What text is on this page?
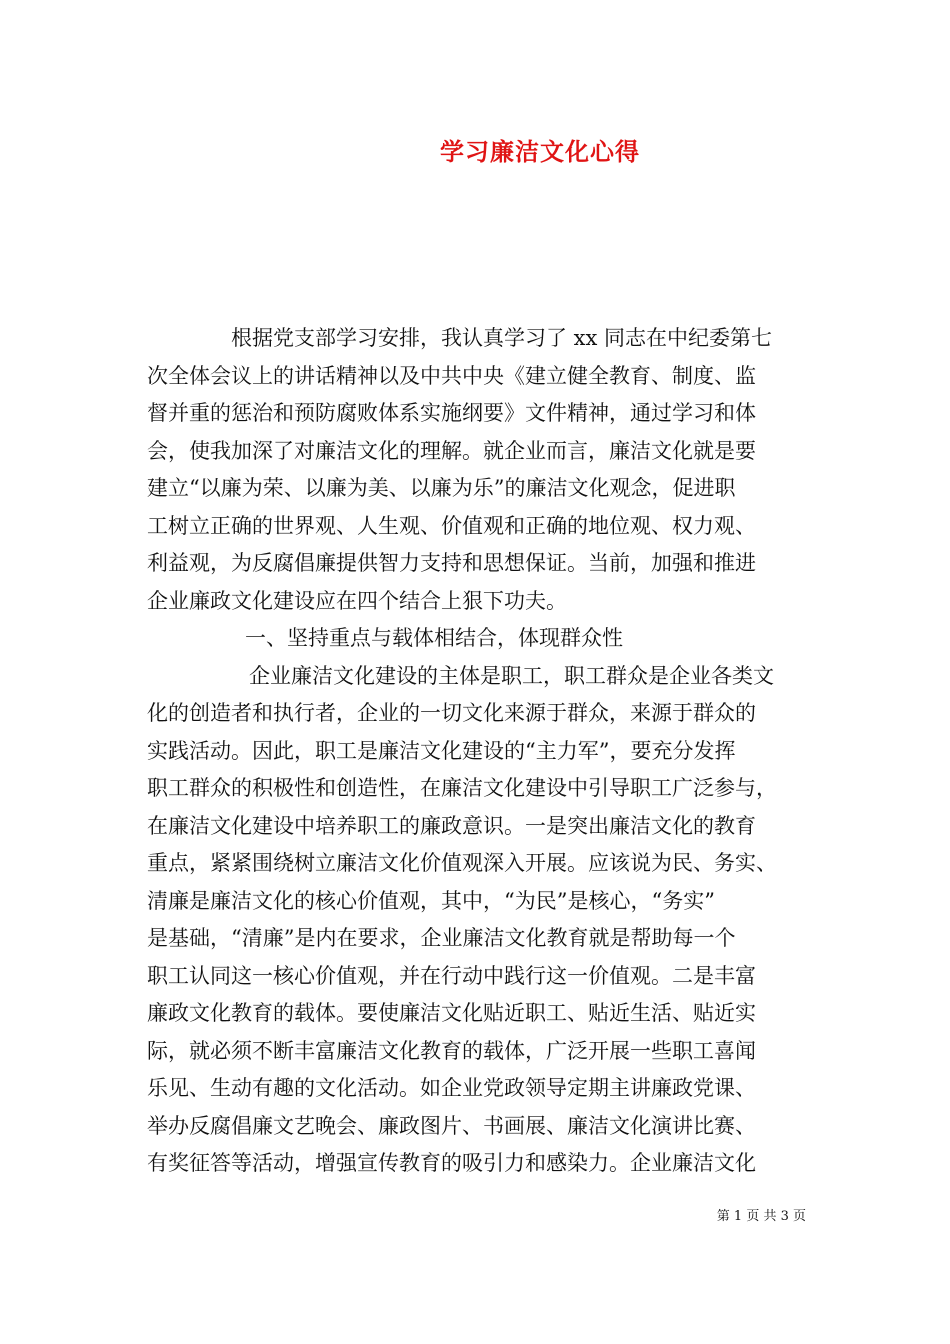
学习廉洁文化心得
根据党支部学习安排，我认真学习了 xx 同志在中纪委第七
次全体会议上的讲话精神以及中共中央《建立健全教育、制度、监
督并重的惩治和预防腐败体系实施纲要》文件精神，通过学习和体
会，使我加深了对廉洁文化的理解。就企业而言，廉洁文化就是要
建立“以廉为荣、以廉为美、以廉为乐”的廉洁文化观念，促进职
工树立正确的世界观、人生观、价值观和正确的地位观、权力观、
利益观，为反腐倡廉提供智力支持和思想保证。当前，加强和推进
企业廉政文化建设应在四个结合上狠下功夫。
一、坚持重点与载体相结合，体现群众性
企业廉洁文化建设的主体是职工，职工群众是企业各类文
化的创造者和执行者，企业的一切文化来源于群众，来源于群众的
实践活动。因此，职工是廉洁文化建设的“主力军”，要充分发挥
职工群众的积极性和创造性，在廉洁文化建设中引导职工广泛参与，
在廉洁文化建设中培养职工的廉政意识。一是突出廉洁文化的教育
重点，紧紧围绕树立廉洁文化价值观深入开展。应该说为民、务实、
清廉是廉洁文化的核心价值观，其中，“为民”是核心，“务实”
是基础，“清廉”是内在要求，企业廉洁文化教育就是帮助每一个
职工认同这一核心价值观，并在行动中践行这一价值观。二是丰富
廉政文化教育的载体。要使廉洁文化贴近职工、贴近生活、贴近实
际，就必须不断丰富廉洁文化教育的载体，广泛开展一些职工喜闻
乐见、生动有趣的文化活动。如企业党政领导定期主讲廉政党课、
举办反腐倡廉文艺晚会、廉政图片、书画展、廉洁文化演讲比赛、
有奖征答等活动，增强宣传教育的吸引力和感染力。企业廉洁文化
第 1 页 共 3 页
